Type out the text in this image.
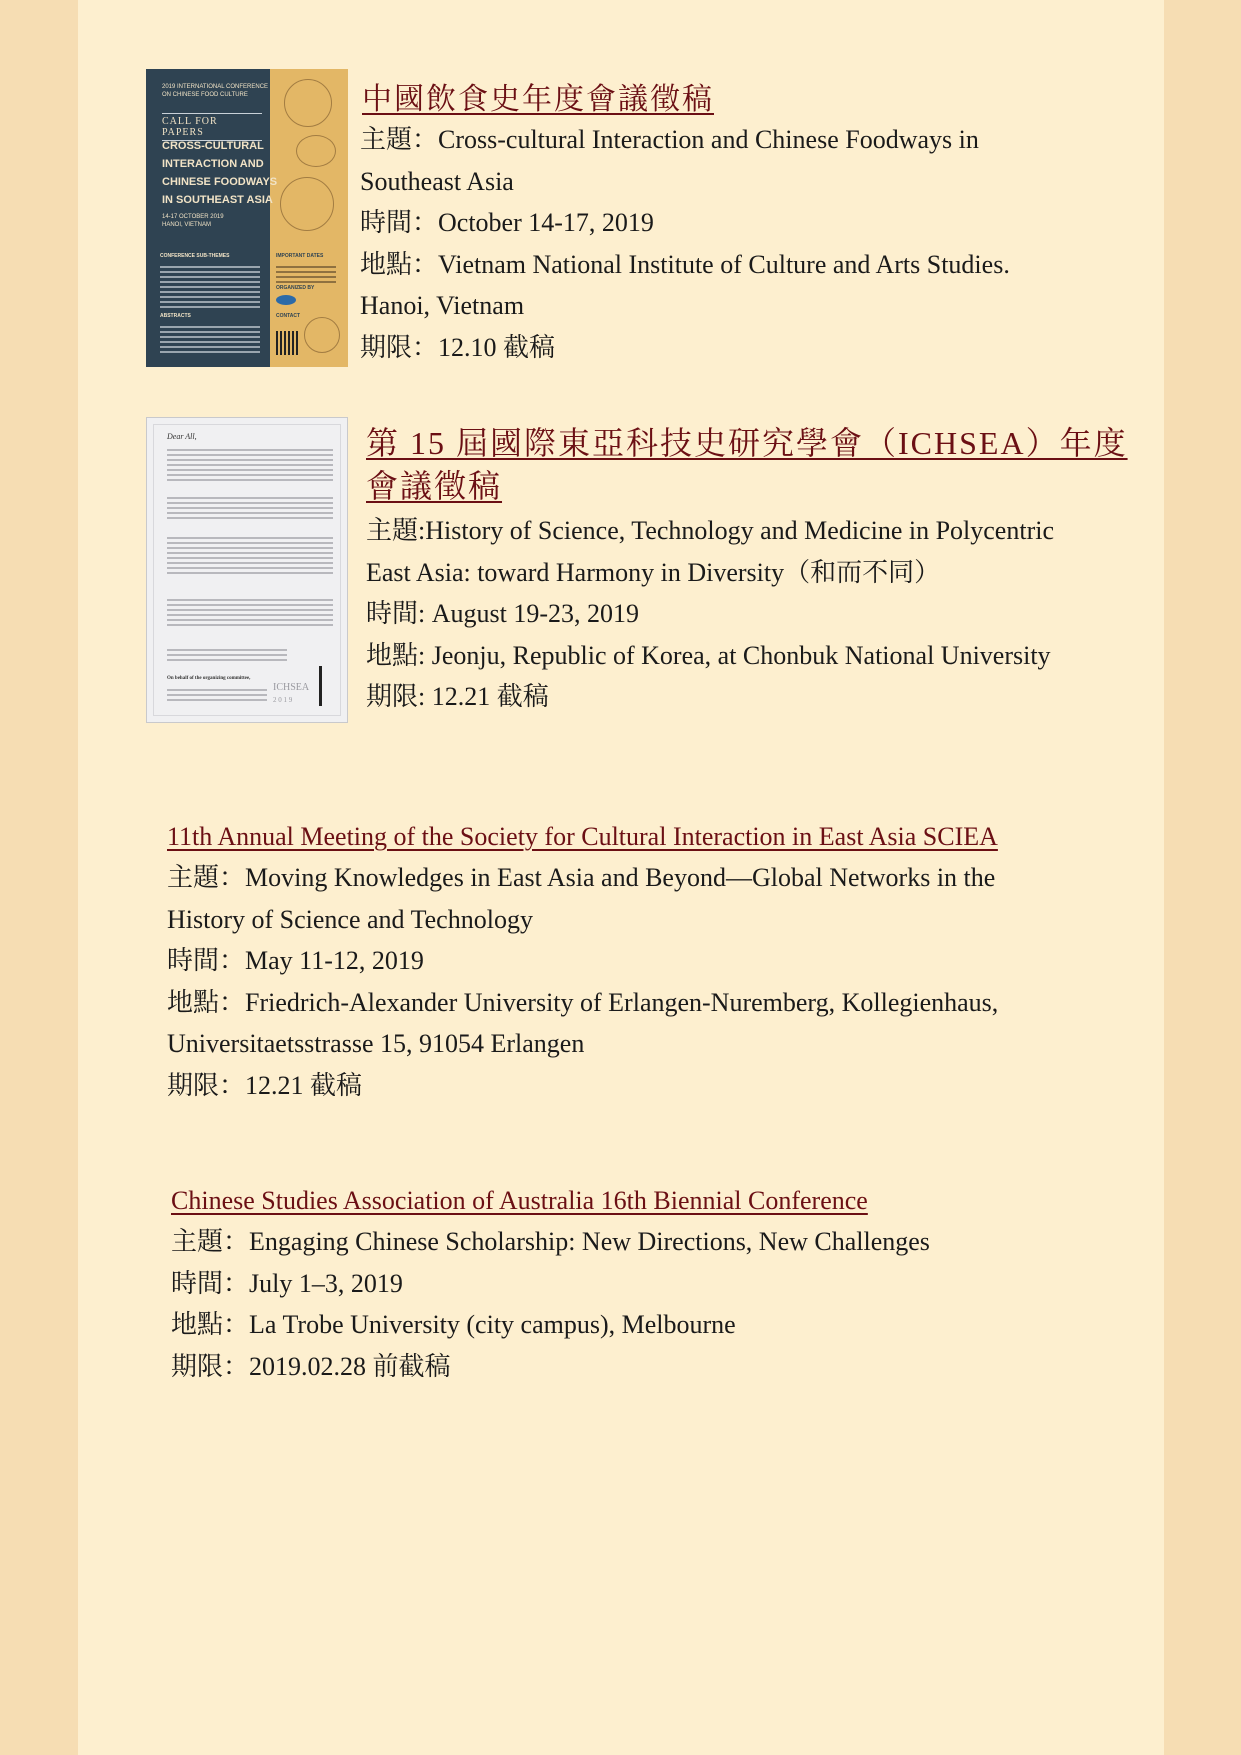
2019 INTERNATIONAL CONFERENCE
ON CHINESE FOOD CULTURE
CALL FOR PAPERS
CROSS-CULTURAL
INTERACTION AND
CHINESE FOODWAYS
IN SOUTHEAST ASIA
14-17 OCTOBER 2019
HANOI, VIETNAM
CONFERENCE SUB-THEMES
ABSTRACTS
IMPORTANT DATES
ORGANIZED BY
CONTACT
中國飲食史年度會議徵稿
主題：Cross-cultural Interaction and Chinese Foodways in
Southeast Asia
時間：October 14-17, 2019
地點：Vietnam National Institute of Culture and Arts Studies.
Hanoi, Vietnam
期限：12.10 截稿
Dear All,
On behalf of the organizing committee,
ICHSEA
2 0 1 9
第 15 屆國際東亞科技史研究學會（ICHSEA）年度會議徵稿
主題:History of Science, Technology and Medicine in Polycentric
East Asia: toward Harmony in Diversity（和而不同）
時間: August 19-23, 2019
地點: Jeonju, Republic of Korea, at Chonbuk National University
期限: 12.21 截稿
11th Annual Meeting of the Society for Cultural Interaction in East Asia SCIEA
主題：Moving Knowledges in East Asia and Beyond—Global Networks in the
History of Science and Technology
時間：May 11-12, 2019
地點：Friedrich-Alexander University of Erlangen-Nuremberg, Kollegienhaus,
Universitaetsstrasse 15, 91054 Erlangen
期限：12.21 截稿
Chinese Studies Association of Australia 16th Biennial Conference
主題：Engaging Chinese Scholarship: New Directions, New Challenges
時間：July 1–3, 2019
地點：La Trobe University (city campus), Melbourne
期限：2019.02.28 前截稿
